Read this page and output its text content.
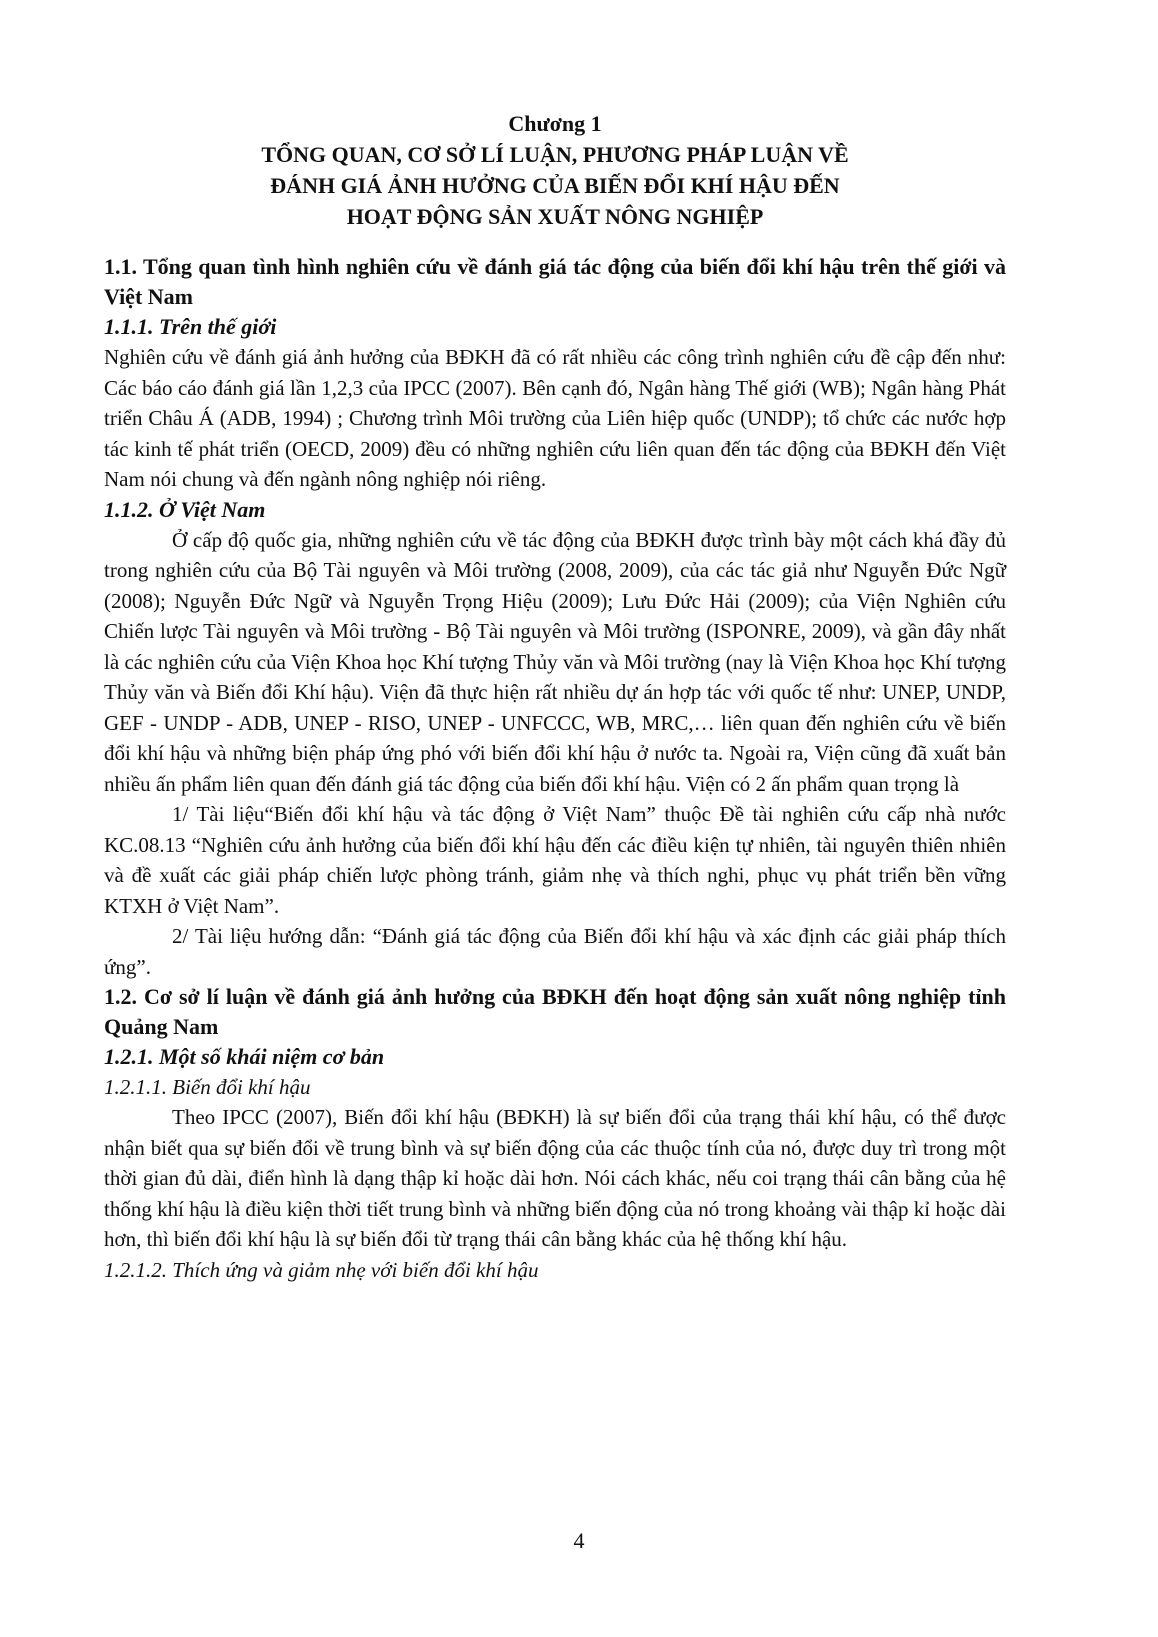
Chương 1
TỔNG QUAN, CƠ SỞ LÍ LUẬN, PHƯƠNG PHÁP LUẬN VỀ
ĐÁNH GIÁ ẢNH HƯỞNG CỦA BIẾN ĐỔI KHÍ HẬU ĐẾN
HOẠT ĐỘNG SẢN XUẤT NÔNG NGHIỆP
1.1. Tổng quan tình hình nghiên cứu về đánh giá tác động của biến đổi khí hậu trên thế giới và Việt Nam
1.1.1. Trên thế giới

Nghiên cứu về đánh giá ảnh hưởng của BĐKH đã có rất nhiều các công trình nghiên cứu đề cập đến như: Các báo cáo đánh giá lần 1,2,3 của IPCC (2007). Bên cạnh đó, Ngân hàng Thế giới (WB); Ngân hàng Phát triển Châu Á (ADB, 1994) ; Chương trình Môi trường của Liên hiệp quốc (UNDP); tổ chức các nước hợp tác kinh tế phát triển (OECD, 2009) đều có những nghiên cứu liên quan đến tác động của BĐKH đến Việt Nam nói chung và đến ngành nông nghiệp nói riêng.

1.1.2. Ở Việt Nam

Ở cấp độ quốc gia, những nghiên cứu về tác động của BĐKH được trình bày một cách khá đầy đủ trong nghiên cứu của Bộ Tài nguyên và Môi trường (2008, 2009), của các tác giả như Nguyễn Đức Ngữ (2008); Nguyễn Đức Ngữ và Nguyễn Trọng Hiệu (2009); Lưu Đức Hải (2009); của Viện Nghiên cứu Chiến lược Tài nguyên và Môi trường - Bộ Tài nguyên và Môi trường (ISPONRE, 2009), và gần đây nhất là các nghiên cứu của Viện Khoa học Khí tượng Thủy văn và Môi trường (nay là Viện Khoa học Khí tượng Thủy văn và Biến đổi Khí hậu). Viện đã thực hiện rất nhiều dự án hợp tác với quốc tế như: UNEP, UNDP, GEF - UNDP - ADB, UNEP - RISO, UNEP - UNFCCC, WB, MRC,… liên quan đến nghiên cứu về biến đổi khí hậu và những biện pháp ứng phó với biến đổi khí hậu ở nước ta. Ngoài ra, Viện cũng đã xuất bản nhiều ấn phẩm liên quan đến đánh giá tác động của biến đổi khí hậu. Viện có 2 ấn phẩm quan trọng là

1/ Tài liệu“Biến đổi khí hậu và tác động ở Việt Nam” thuộc Đề tài nghiên cứu cấp nhà nước KC.08.13 “Nghiên cứu ảnh hưởng của biến đổi khí hậu đến các điều kiện tự nhiên, tài nguyên thiên nhiên và đề xuất các giải pháp chiến lược phòng tránh, giảm nhẹ và thích nghi, phục vụ phát triển bền vững KTXH ở Việt Nam”.

2/ Tài liệu hướng dẫn: “Đánh giá tác động của Biến đổi khí hậu và xác định các giải pháp thích ứng”.

1.2. Cơ sở lí luận về đánh giá ảnh hưởng của BĐKH đến hoạt động sản xuất nông nghiệp tỉnh Quảng Nam
1.2.1. Một số khái niệm cơ bản
1.2.1.1. Biến đổi khí hậu

Theo IPCC (2007), Biến đổi khí hậu (BĐKH) là sự biến đổi của trạng thái khí hậu, có thể được nhận biết qua sự biến đổi về trung bình và sự biến động của các thuộc tính của nó, được duy trì trong một thời gian đủ dài, điển hình là dạng thập kỉ hoặc dài hơn. Nói cách khác, nếu coi trạng thái cân bằng của hệ thống khí hậu là điều kiện thời tiết trung bình và những biến động của nó trong khoảng vài thập kỉ hoặc dài hơn, thì biến đổi khí hậu là sự biến đổi từ trạng thái cân bằng khác của hệ thống khí hậu.

1.2.1.2. Thích ứng và giảm nhẹ với biến đổi khí hậu
4
